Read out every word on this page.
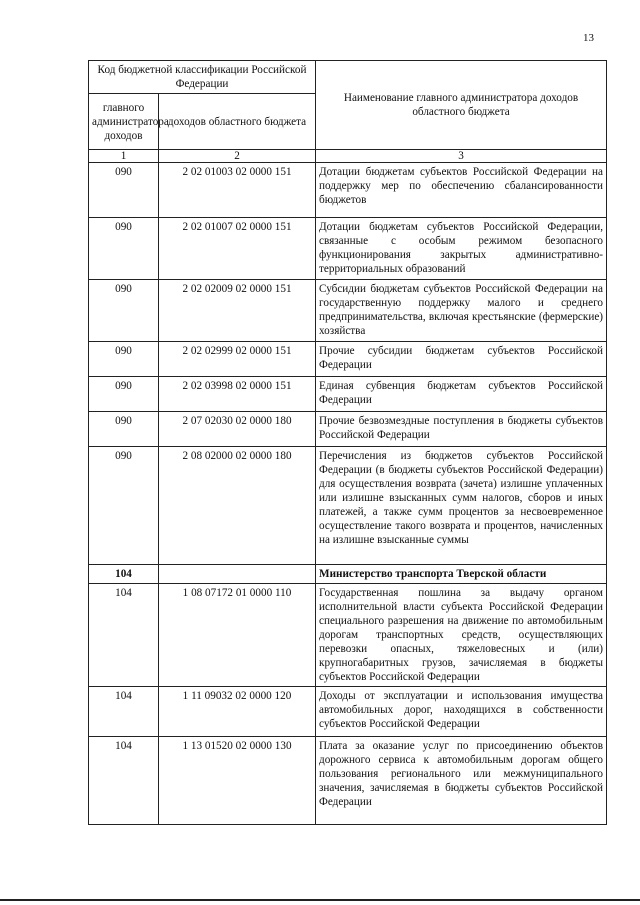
13
Код бюджетной классификации Российской Федерации		Наименование главного администратора доходов областного бюджета
главного администратора доходов	доходов областного бюджета	
1	2	3
090	2 02 01003 02 0000 151	Дотации бюджетам субъектов Российской Федерации на поддержку мер по обеспечению сбалансированности бюджетов
090	2 02 01007 02 0000 151	Дотации бюджетам субъектов Российской Федерации, связанные с особым режимом безопасного функционирования закрытых административно-территориальных образований
090	2 02 02009 02 0000 151	Субсидии бюджетам субъектов Российской Федерации на государственную поддержку малого и среднего предпринимательства, включая крестьянские (фермерские) хозяйства
090	2 02 02999 02 0000 151	Прочие субсидии бюджетам субъектов Российской Федерации
090	2 02 03998 02 0000 151	Единая субвенция бюджетам субъектов Российской Федерации
090	2 07 02030 02 0000 180	Прочие безвозмездные поступления в бюджеты субъектов Российской Федерации
090	2 08 02000 02 0000 180	Перечисления из бюджетов субъектов Российской Федерации (в бюджеты субъектов Российской Федерации) для осуществления возврата (зачета) излишне уплаченных или излишне взысканных сумм налогов, сборов и иных платежей, а также сумм процентов за несвоевременное осуществление такого возврата и процентов, начисленных на излишне взысканные суммы
104		Министерство транспорта Тверской области
104	1 08 07172 01 0000 110	Государственная пошлина за выдачу органом исполнительной власти субъекта Российской Федерации специального разрешения на движение по автомобильным дорогам транспортных средств, осуществляющих перевозки опасных, тяжеловесных и (или) крупногабаритных грузов, зачисляемая в бюджеты субъектов Российской Федерации
104	1 11 09032 02 0000 120	Доходы от эксплуатации и использования имущества автомобильных дорог, находящихся в собственности субъектов Российской Федерации
104	1 13 01520 02 0000 130	Плата за оказание услуг по присоединению объектов дорожного сервиса к автомобильным дорогам общего пользования регионального или межмуниципального значения, зачисляемая в бюджеты субъектов Российской Федерации
